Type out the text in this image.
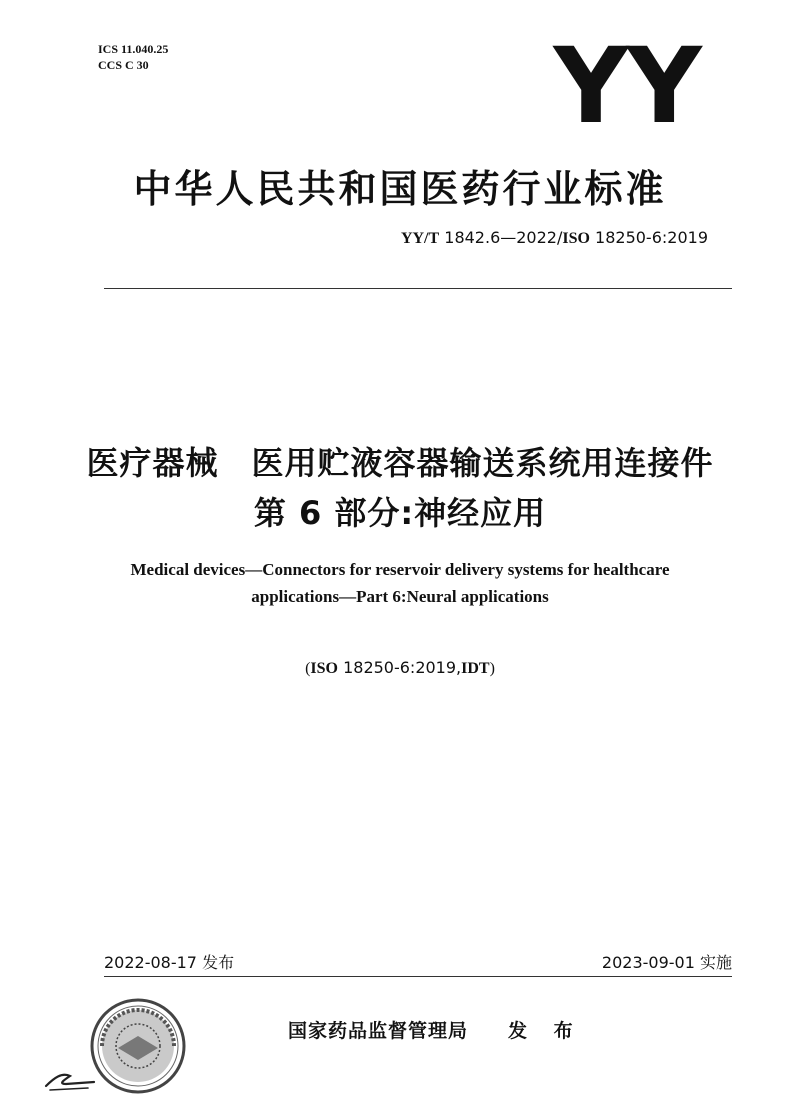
ICS 11.040.25
CCS C 30	YY
中华人民共和国医药行业标准
YY/T 1842.6—2022/ISO 18250-6:2019
医疗器械　医用贮液容器输送系统用连接件
第 6 部分:神经应用
Medical devices—Connectors for reservoir delivery systems for healthcare
applications—Part 6:Neural applications
(ISO 18250-6:2019,IDT)
2022-08-17 发布	2023-09-01 实施
国家药品监督管理局 发 布
